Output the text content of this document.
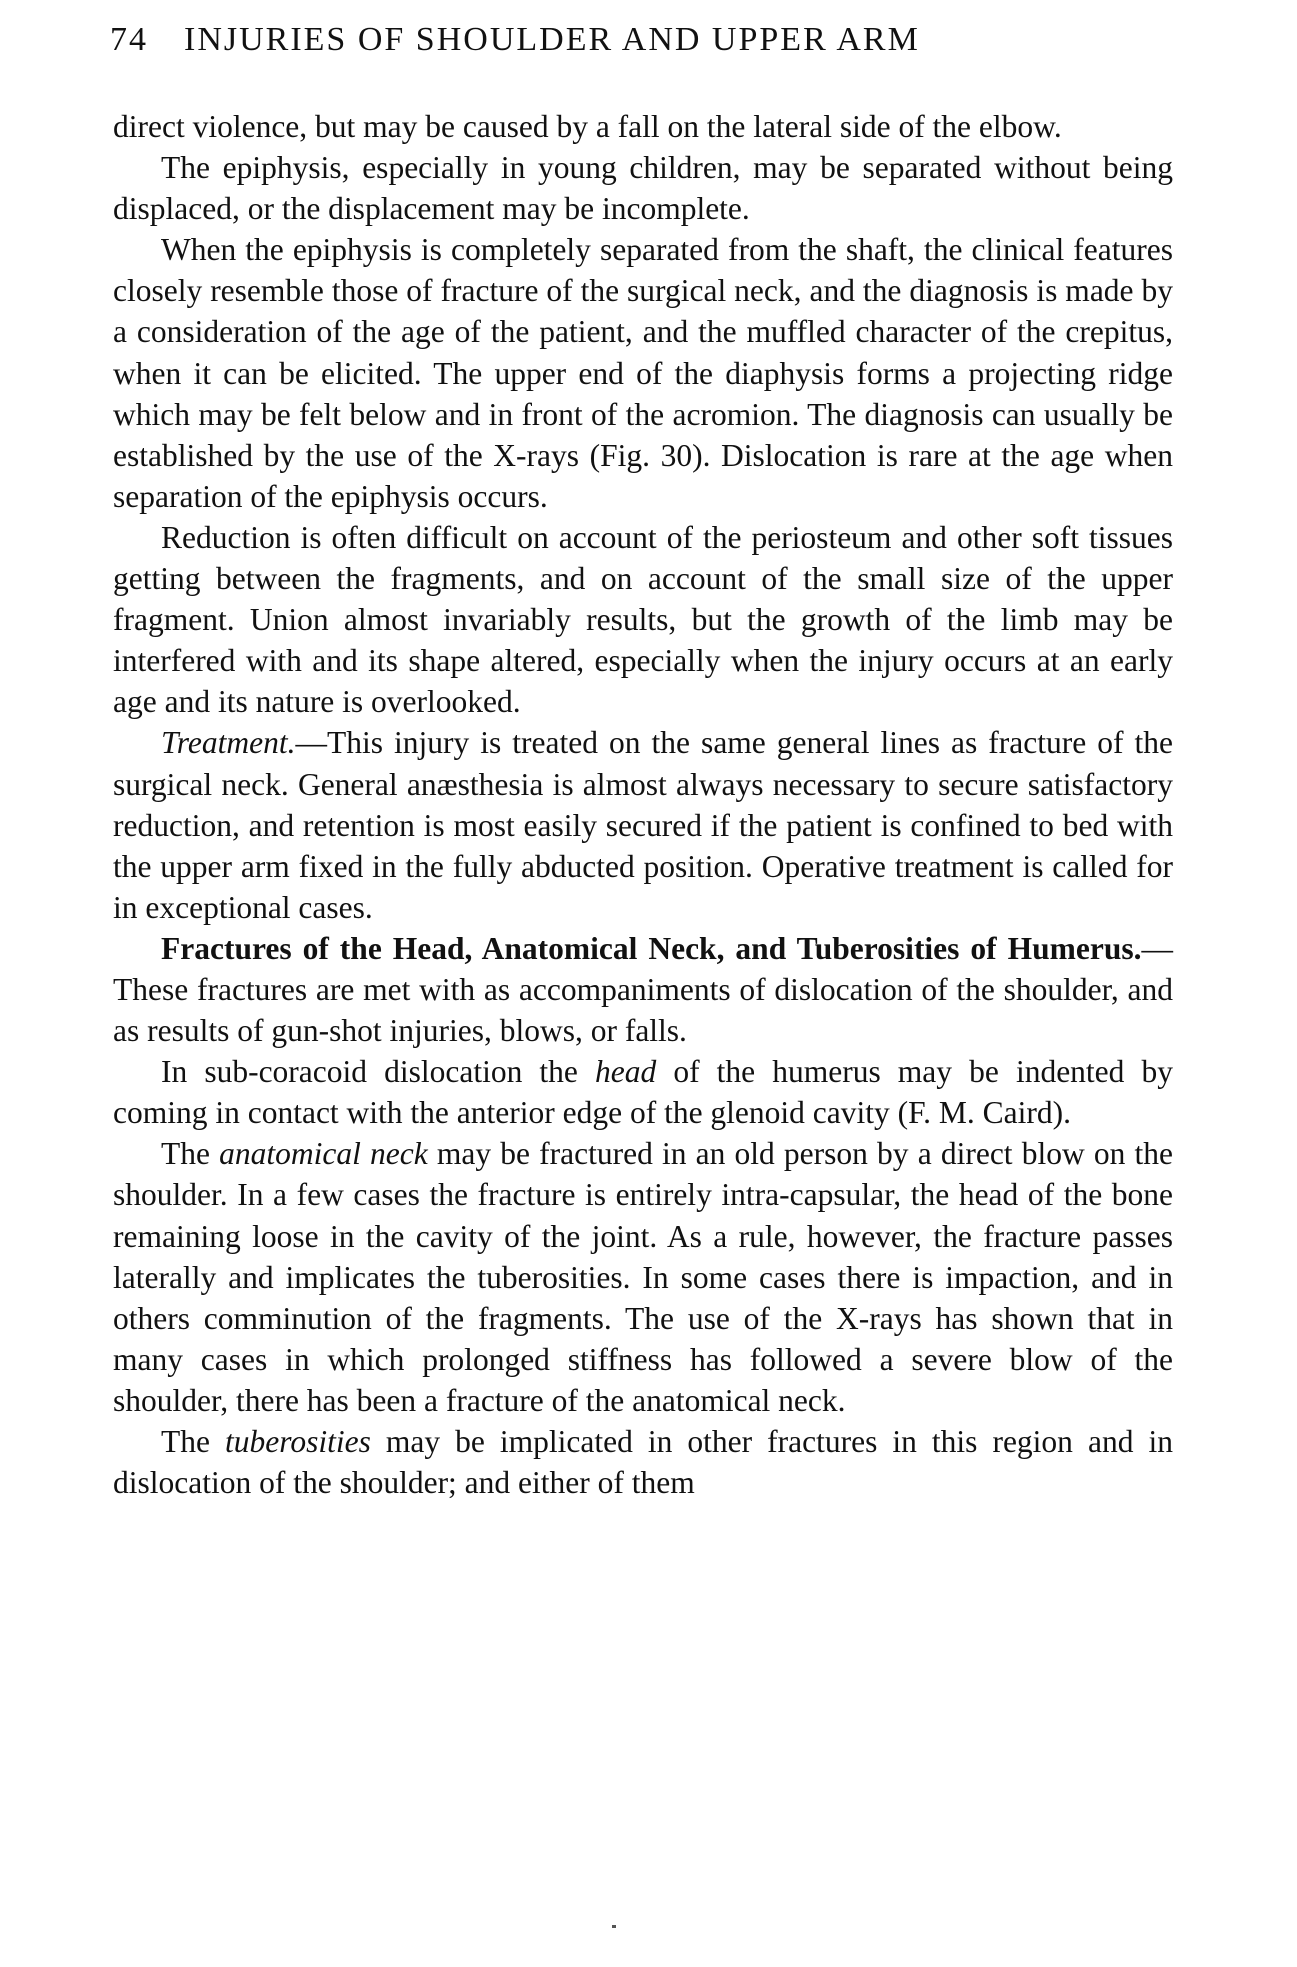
74 INJURIES OF SHOULDER AND UPPER ARM

direct violence, but may be caused by a fall on the lateral side of the elbow.

The epiphysis, especially in young children, may be separated without being displaced, or the displacement may be incomplete.

When the epiphysis is completely separated from the shaft, the clinical features closely resemble those of fracture of the surgical neck, and the diagnosis is made by a consideration of the age of the patient, and the muffled character of the crepitus, when it can be elicited. The upper end of the diaphysis forms a projecting ridge which may be felt below and in front of the acromion. The diagnosis can usually be established by the use of the X-rays (Fig. 30). Dislocation is rare at the age when separation of the epiphysis occurs.

Reduction is often difficult on account of the periosteum and other soft tissues getting between the fragments, and on account of the small size of the upper fragment. Union almost invariably results, but the growth of the limb may be interfered with and its shape altered, especially when the injury occurs at an early age and its nature is overlooked.

Treatment.—This injury is treated on the same general lines as fracture of the surgical neck. General anæsthesia is almost always necessary to secure satisfactory reduction, and retention is most easily secured if the patient is confined to bed with the upper arm fixed in the fully abducted position. Operative treatment is called for in exceptional cases.

Fractures of the Head, Anatomical Neck, and Tuberosities of Humerus.—These fractures are met with as accompaniments of dislocation of the shoulder, and as results of gun-shot injuries, blows, or falls.

In sub-coracoid dislocation the head of the humerus may be indented by coming in contact with the anterior edge of the glenoid cavity (F. M. Caird).

The anatomical neck may be fractured in an old person by a direct blow on the shoulder. In a few cases the fracture is entirely intra-capsular, the head of the bone remaining loose in the cavity of the joint. As a rule, however, the fracture passes laterally and implicates the tuberosities. In some cases there is impaction, and in others comminution of the fragments. The use of the X-rays has shown that in many cases in which prolonged stiffness has followed a severe blow of the shoulder, there has been a fracture of the anatomical neck.

The tuberosities may be implicated in other fractures in this region and in dislocation of the shoulder; and either of them
